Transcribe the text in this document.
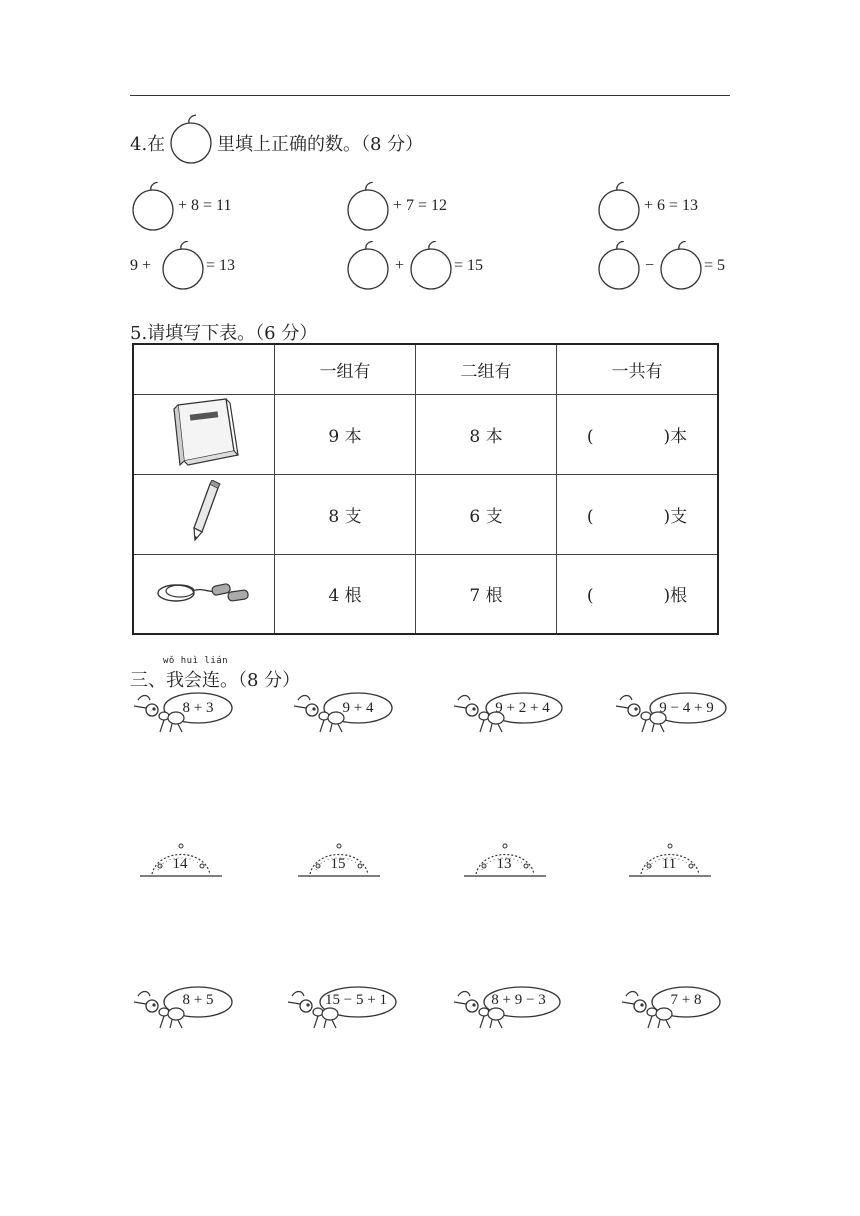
4.在	里填上正确的数。（8 分）
+ 8 = 11	+ 7 = 12	+ 6 = 13
9 +	= 13	+	= 15	−	= 5
5.请填写下表。（6 分）
	一组有	二组有	一共有
	9 本	8 本	( )本
	8 支	6 支	( )支
	4 根	7 根	( )根
wǒ huì lián
三、我会连。（8 分）
8 + 3	9 + 4	9 + 2 + 4	9 − 4 + 9
14	15	13	11
8 + 5	15 − 5 + 1	8 + 9 − 3	7 + 8
